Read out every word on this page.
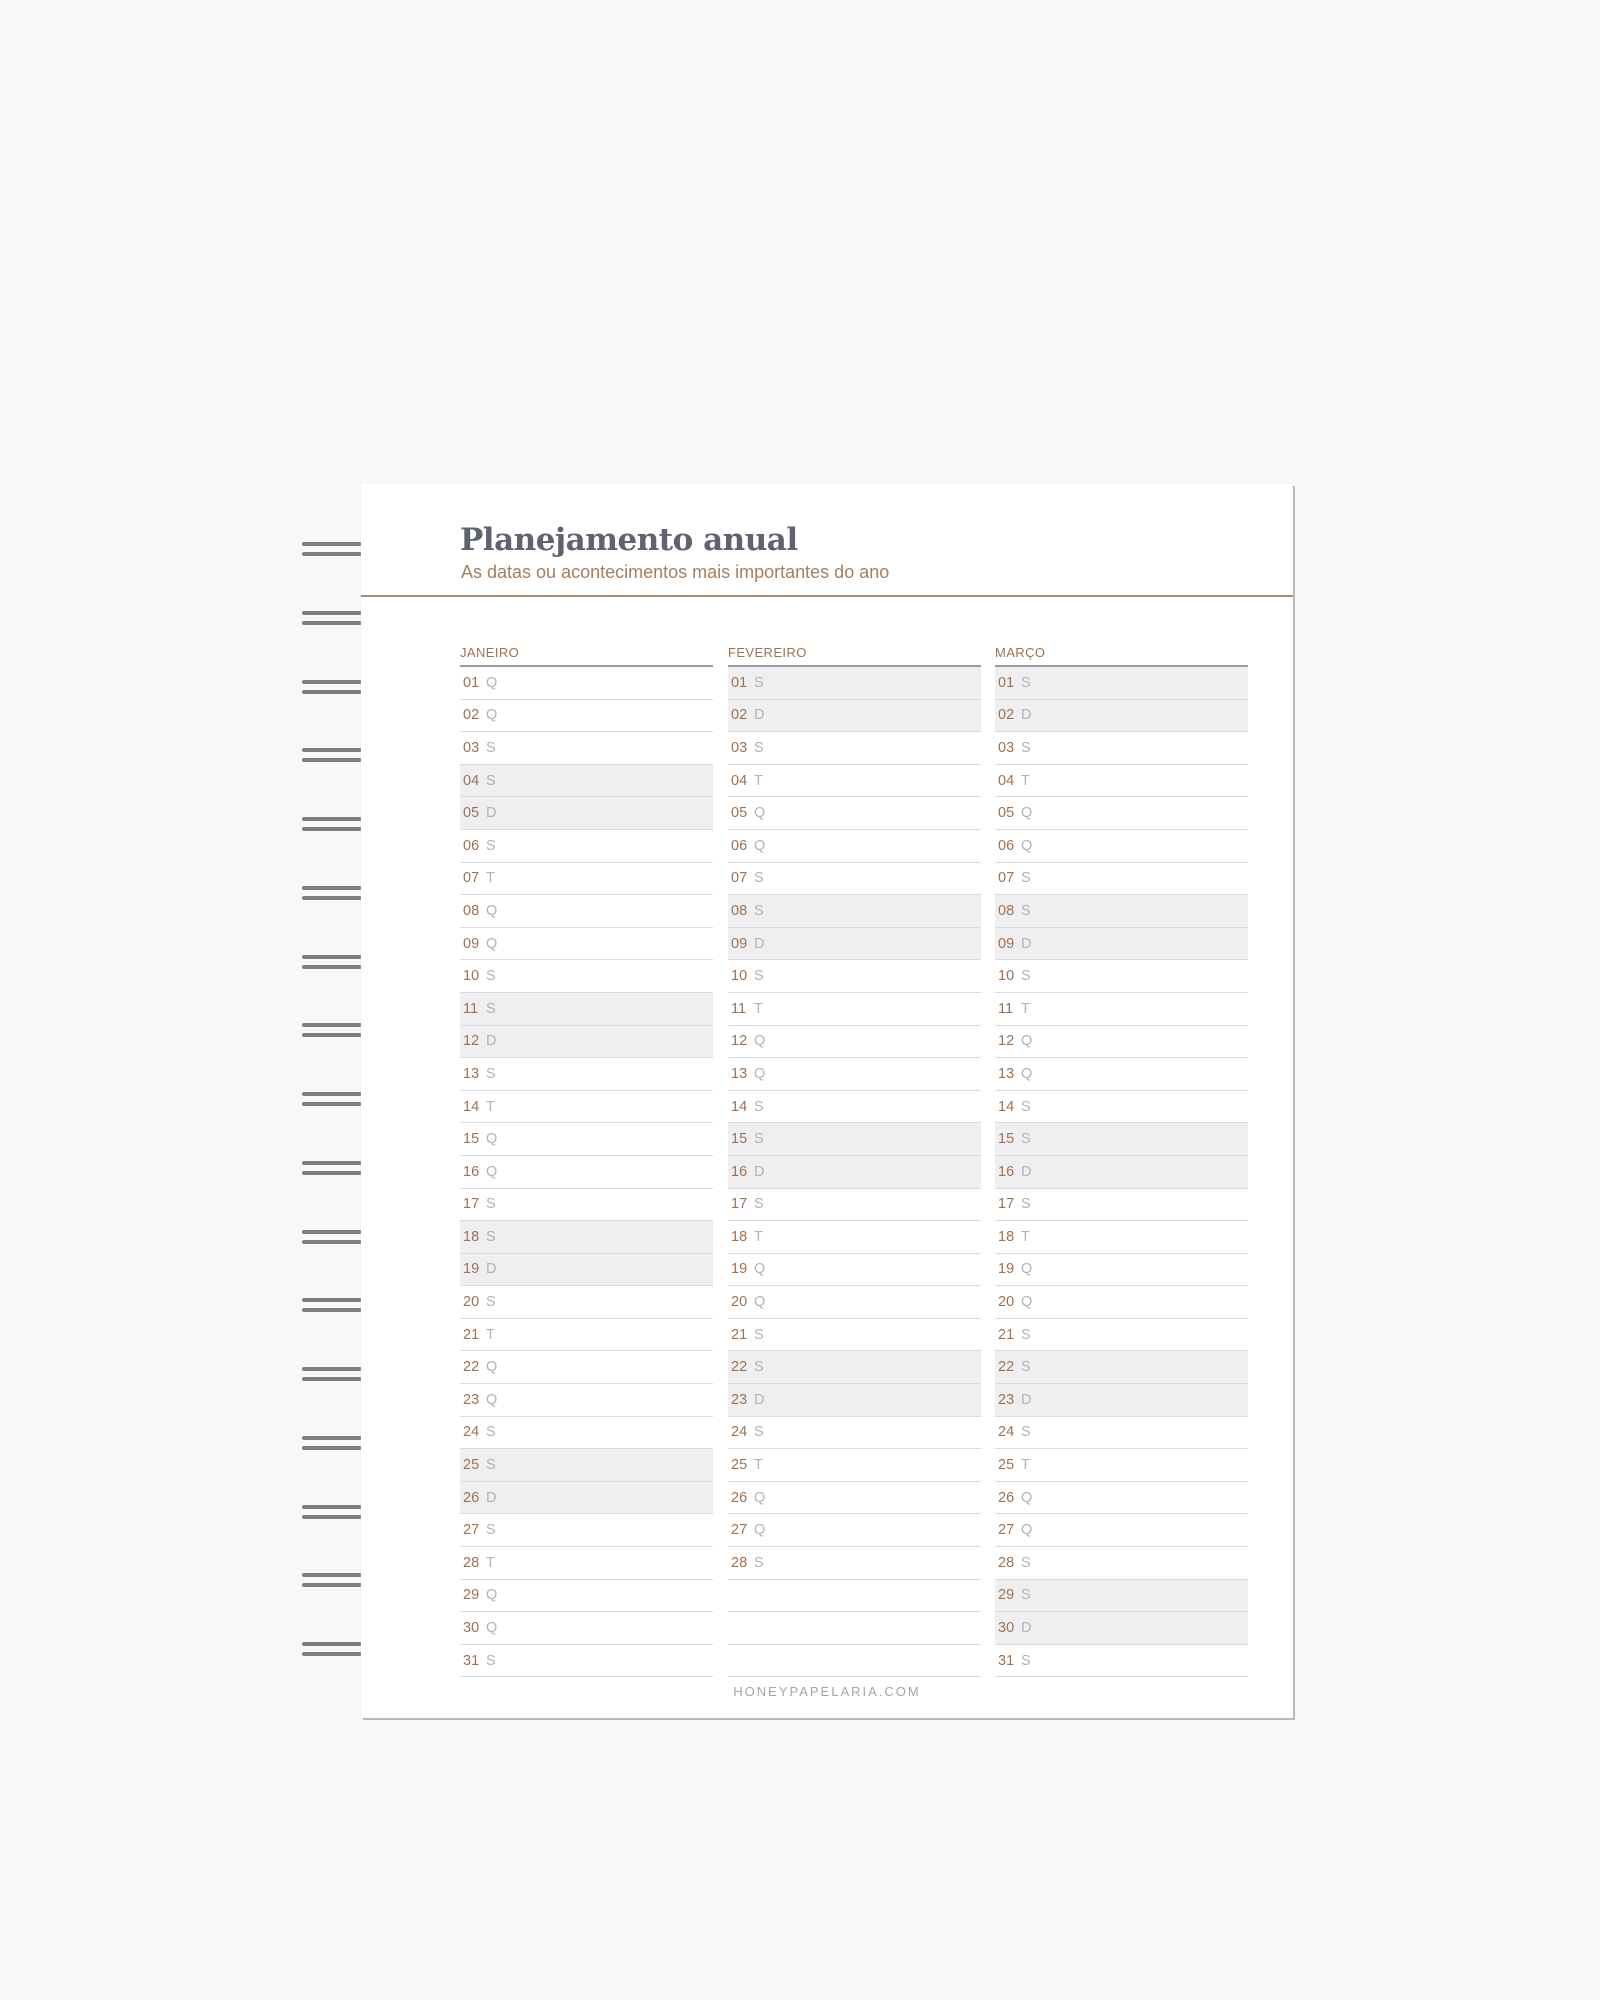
Planejamento anual
As datas ou acontecimentos mais importantes do ano
JANEIRO
01 Q
02 Q
03 S
04 S
05 D
06 S
07 T
08 Q
09 Q
10 S
11 S
12 D
13 S
14 T
15 Q
16 Q
17 S
18 S
19 D
20 S
21 T
22 Q
23 Q
24 S
25 S
26 D
27 S
28 T
29 Q
30 Q
31 S
FEVEREIRO
01 S
02 D
03 S
04 T
05 Q
06 Q
07 S
08 S
09 D
10 S
11 T
12 Q
13 Q
14 S
15 S
16 D
17 S
18 T
19 Q
20 Q
21 S
22 S
23 D
24 S
25 T
26 Q
27 Q
28 S
MARÇO
01 S
02 D
03 S
04 T
05 Q
06 Q
07 S
08 S
09 D
10 S
11 T
12 Q
13 Q
14 S
15 S
16 D
17 S
18 T
19 Q
20 Q
21 S
22 S
23 D
24 S
25 T
26 Q
27 Q
28 S
29 S
30 D
31 S
HONEYPAPELARIA.COM
